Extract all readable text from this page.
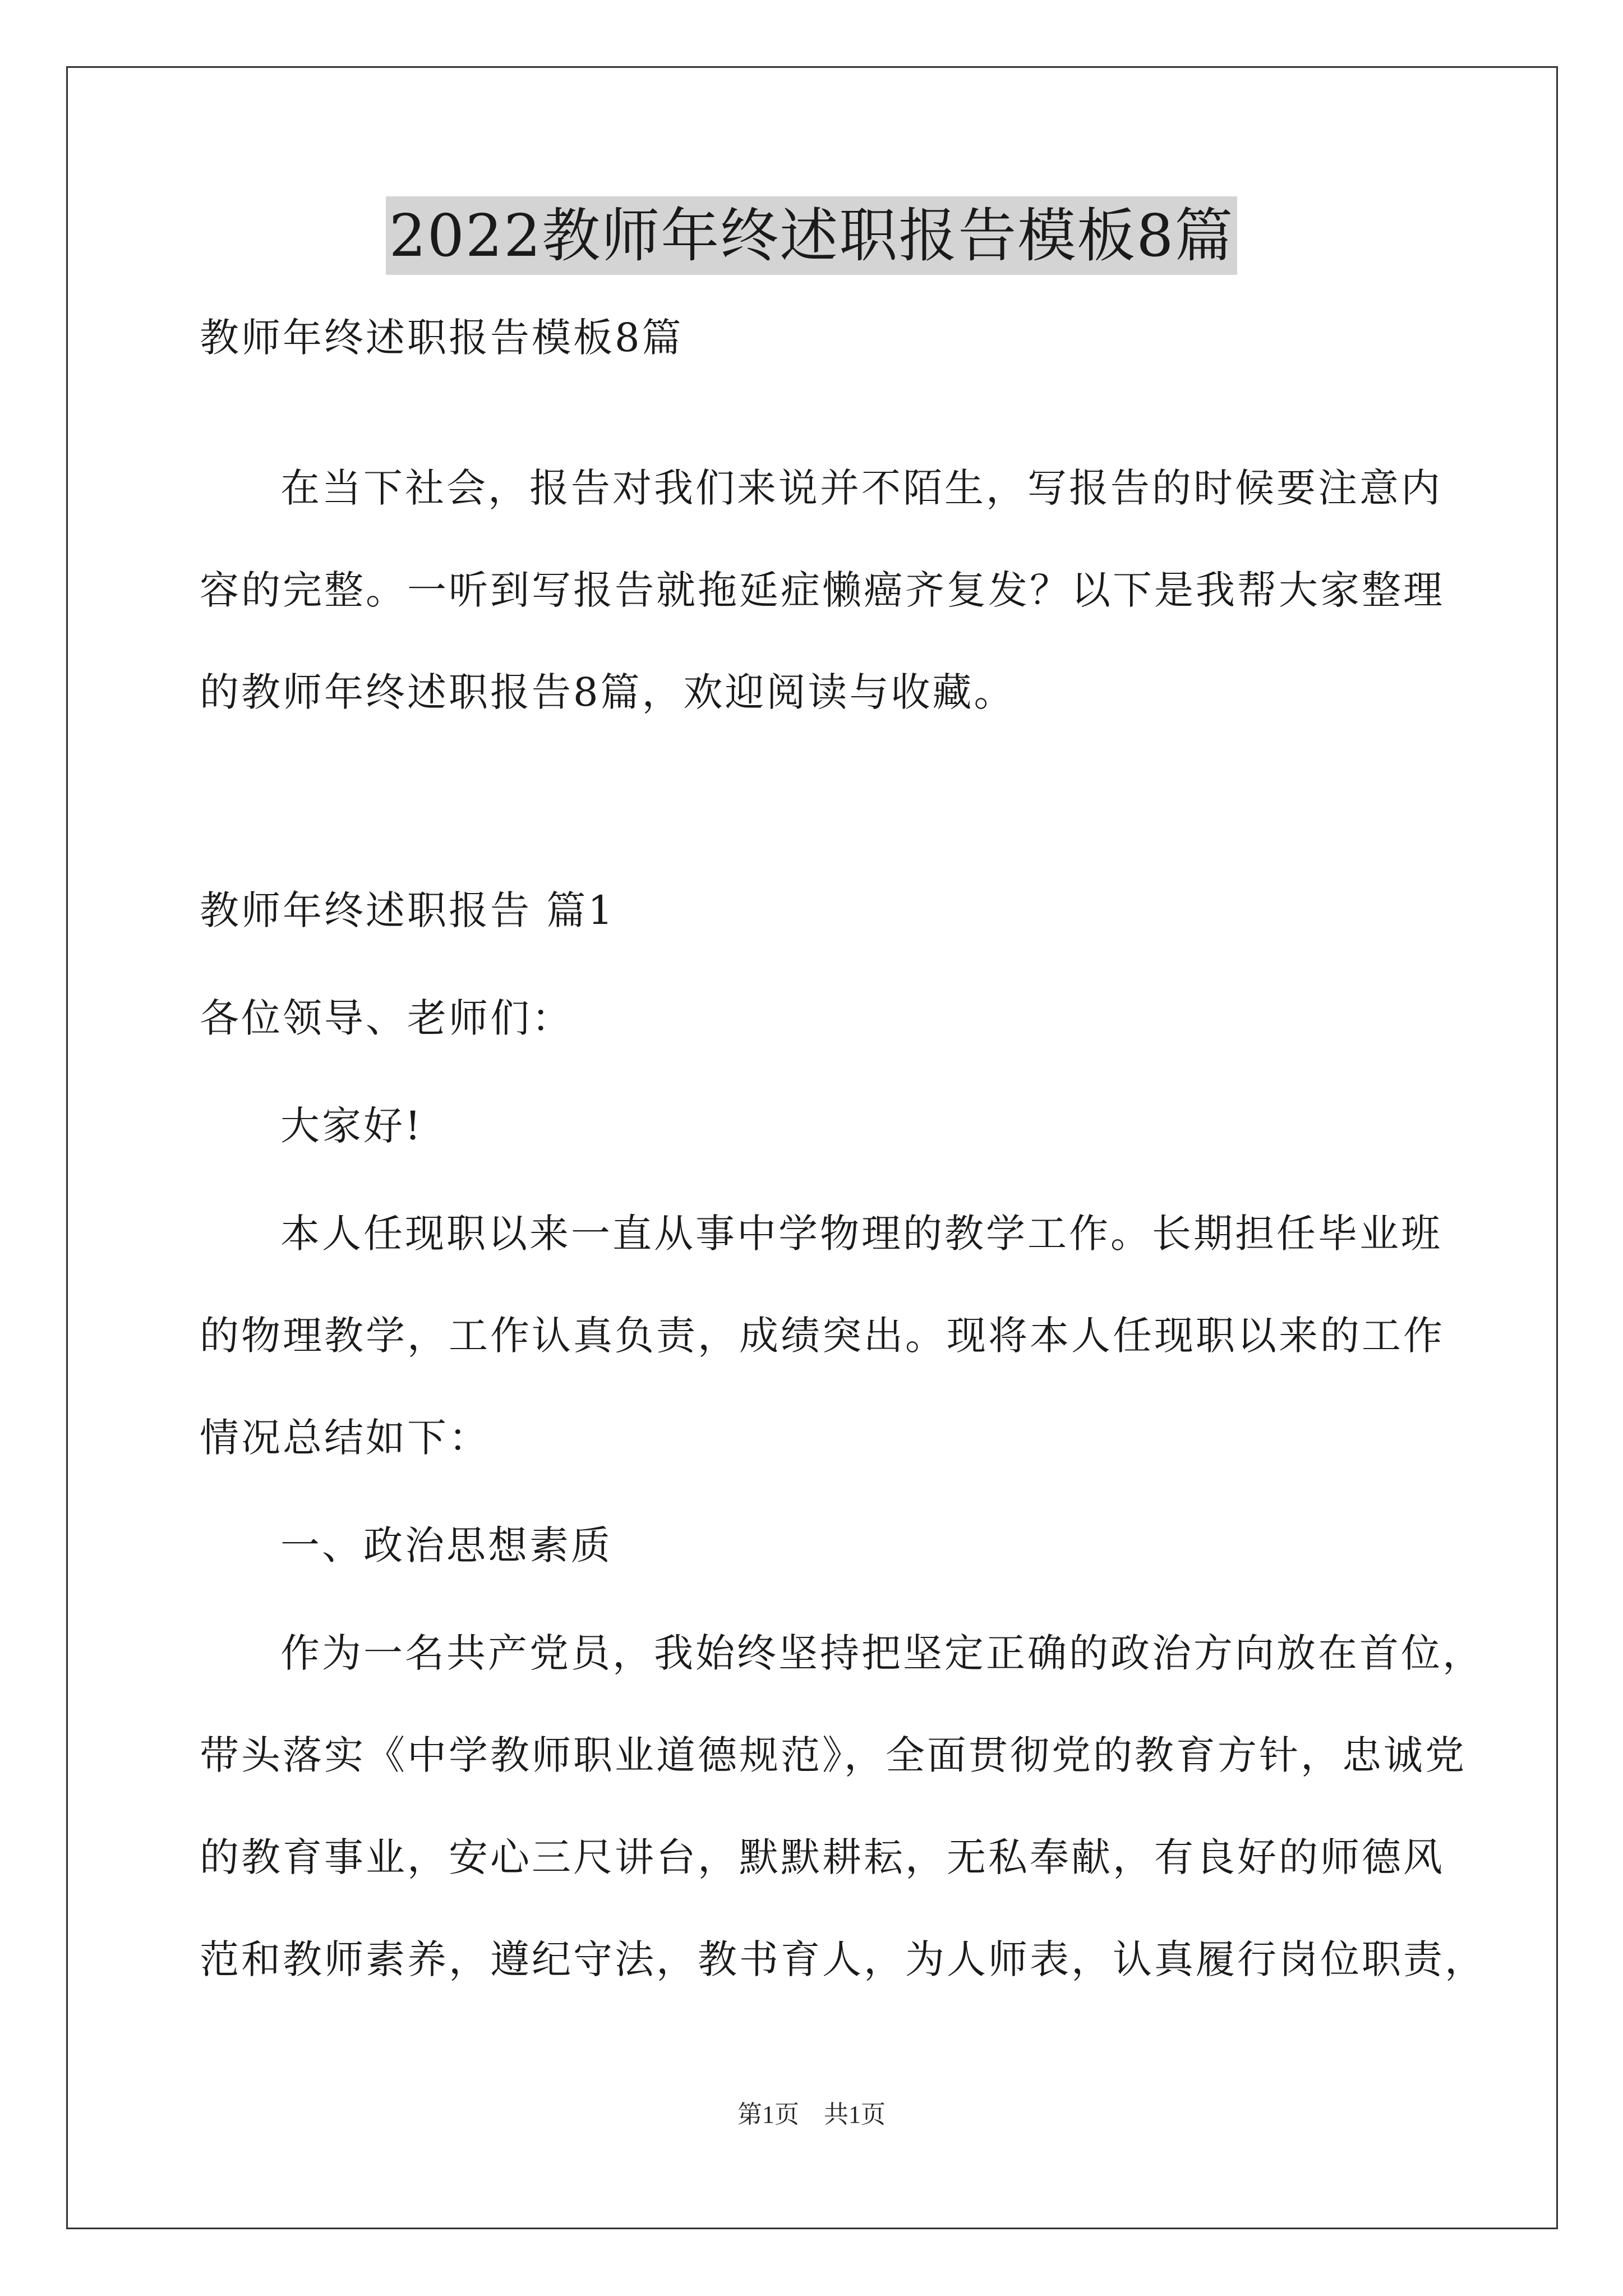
2022教师年终述职报告模板8篇
教师年终述职报告模板8篇
在当下社会，报告对我们来说并不陌生，写报告的时候要注意内
容的完整。一听到写报告就拖延症懒癌齐复发？以下是我帮大家整理
的教师年终述职报告8篇，欢迎阅读与收藏。
教师年终述职报告 篇1
各位领导、老师们：
大家好!
本人任现职以来一直从事中学物理的教学工作。长期担任毕业班
的物理教学，工作认真负责，成绩突出。现将本人任现职以来的工作
情况总结如下：
一、政治思想素质
作为一名共产党员，我始终坚持把坚定正确的政治方向放在首位，
带头落实《中学教师职业道德规范》，全面贯彻党的教育方针，忠诚党
的教育事业，安心三尺讲台，默默耕耘，无私奉献，有良好的师德风
范和教师素养，遵纪守法，教书育人，为人师表，认真履行岗位职责，
第1页 共1页
